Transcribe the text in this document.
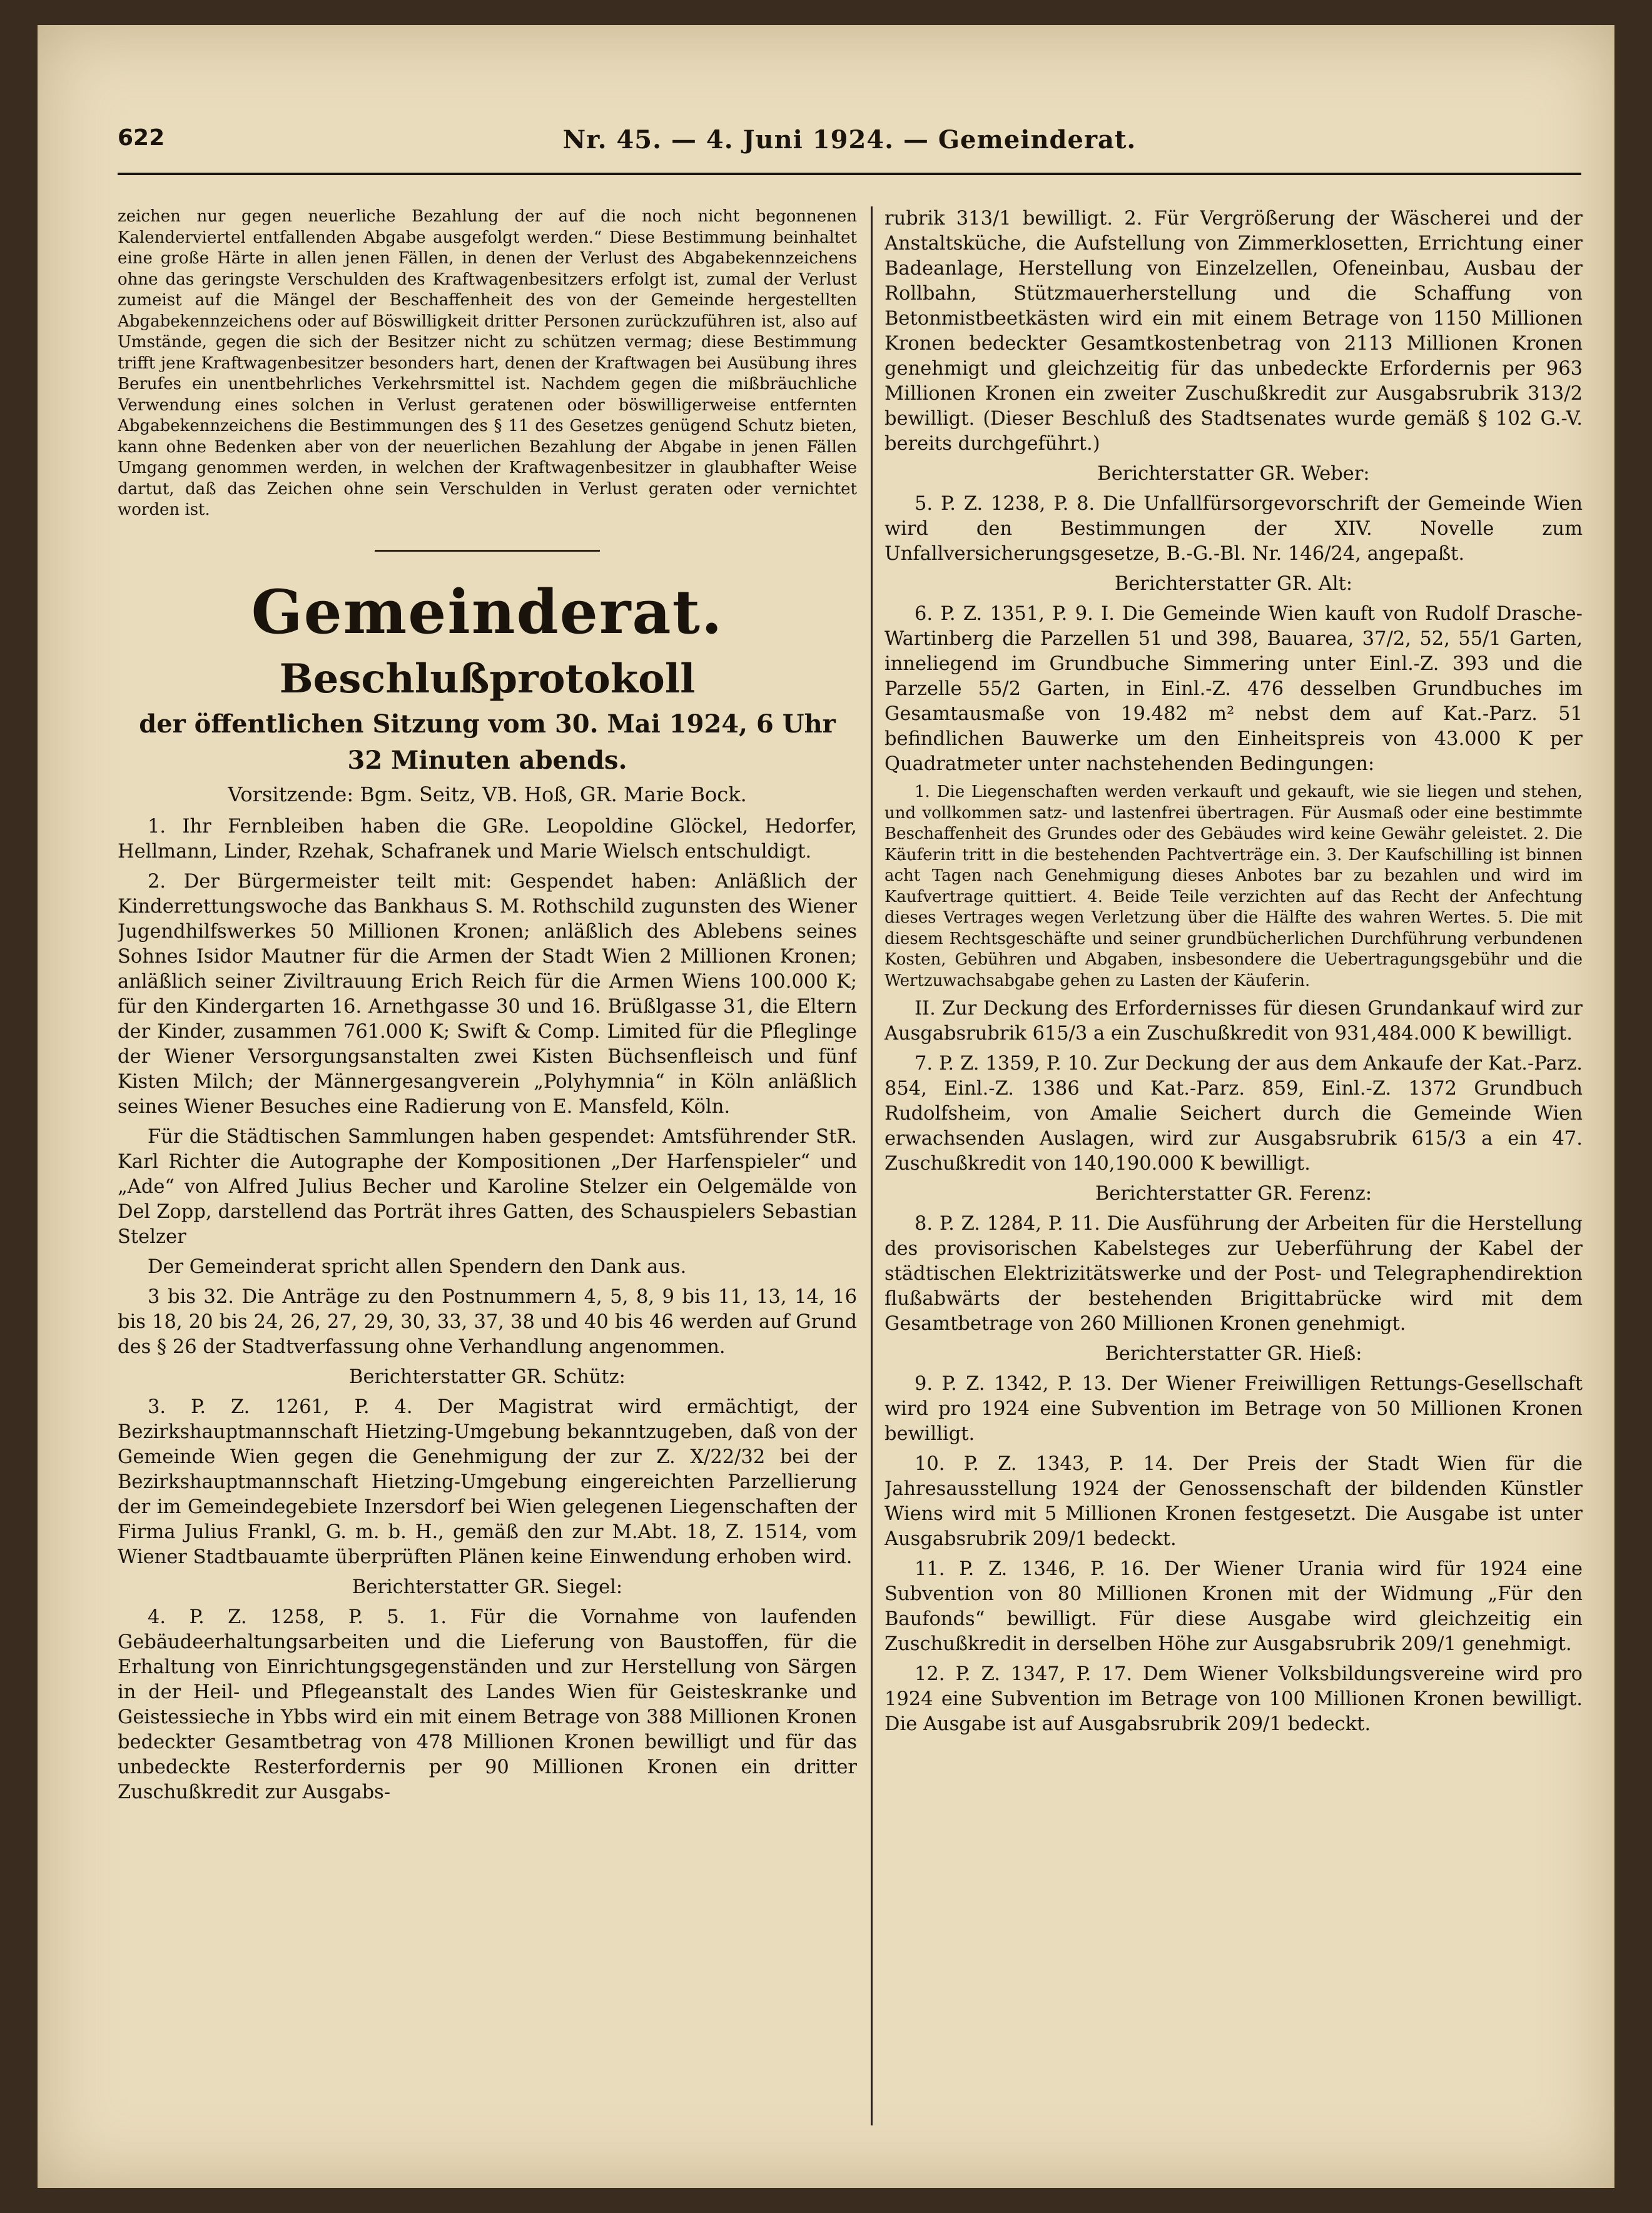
622	Nr. 45. — 4. Juni 1924. — Gemeinderat.

zeichen nur gegen neuerliche Bezahlung der auf die noch nicht begonnenen Kalenderviertel entfallenden Abgabe ausgefolgt werden.“ Diese Bestimmung beinhaltet eine große Härte in allen jenen Fällen, in denen der Verlust des Abgabekennzeichens ohne das geringste Verschulden des Kraftwagenbesitzers erfolgt ist, zumal der Verlust zumeist auf die Mängel der Beschaffenheit des von der Gemeinde hergestellten Abgabekennzeichens oder auf Böswilligkeit dritter Personen zurückzuführen ist, also auf Umstände, gegen die sich der Besitzer nicht zu schützen vermag; diese Bestimmung trifft jene Kraftwagenbesitzer besonders hart, denen der Kraftwagen bei Ausübung ihres Berufes ein unentbehrliches Verkehrsmittel ist. Nachdem gegen die mißbräuchliche Verwendung eines solchen in Verlust geratenen oder böswilligerweise entfernten Abgabekennzeichens die Bestimmungen des § 11 des Gesetzes genügend Schutz bieten, kann ohne Bedenken aber von der neuerlichen Bezahlung der Abgabe in jenen Fällen Umgang genommen werden, in welchen der Kraftwagenbesitzer in glaubhafter Weise dartut, daß das Zeichen ohne sein Verschulden in Verlust geraten oder vernichtet worden ist.

Gemeinderat.
Beschlußprotokoll
der öffentlichen Sitzung vom 30. Mai 1924, 6 Uhr
32 Minuten abends.
Vorsitzende: Bgm. Seitz, VB. Hoß, GR. Marie Bock.

1. Ihr Fernbleiben haben die GRe. Leopoldine Glöckel, Hedorfer, Hellmann, Linder, Rzehak, Schafranek und Marie Wielsch entschuldigt.

2. Der Bürgermeister teilt mit: Gespendet haben: Anläßlich der Kinderrettungswoche das Bankhaus S. M. Rothschild zugunsten des Wiener Jugendhilfswerkes 50 Millionen Kronen; anläßlich des Ablebens seines Sohnes Isidor Mautner für die Armen der Stadt Wien 2 Millionen Kronen; anläßlich seiner Ziviltrauung Erich Reich für die Armen Wiens 100.000 K; für den Kindergarten 16. Arnethgasse 30 und 16. Brüßlgasse 31, die Eltern der Kinder, zusammen 761.000 K; Swift & Comp. Limited für die Pfleglinge der Wiener Versorgungsanstalten zwei Kisten Büchsenfleisch und fünf Kisten Milch; der Männergesangverein „Polyhymnia“ in Köln anläßlich seines Wiener Besuches eine Radierung von E. Mansfeld, Köln.

Für die Städtischen Sammlungen haben gespendet: Amtsführender StR. Karl Richter die Autographe der Kompositionen „Der Harfenspieler“ und „Ade“ von Alfred Julius Becher und Karoline Stelzer ein Oelgemälde von Del Zopp, darstellend das Porträt ihres Gatten, des Schauspielers Sebastian Stelzer

Der Gemeinderat spricht allen Spendern den Dank aus.

3 bis 32. Die Anträge zu den Postnummern 4, 5, 8, 9 bis 11, 13, 14, 16 bis 18, 20 bis 24, 26, 27, 29, 30, 33, 37, 38 und 40 bis 46 werden auf Grund des § 26 der Stadtverfassung ohne Verhandlung angenommen.

Berichterstatter GR. Schütz:

3. P. Z. 1261, P. 4. Der Magistrat wird ermächtigt, der Bezirkshauptmannschaft Hietzing-Umgebung bekanntzugeben, daß von der Gemeinde Wien gegen die Genehmigung der zur Z. X/22/32 bei der Bezirkshauptmannschaft Hietzing-Umgebung eingereichten Parzellierung der im Gemeindegebiete Inzersdorf bei Wien gelegenen Liegenschaften der Firma Julius Frankl, G. m. b. H., gemäß den zur M.Abt. 18, Z. 1514, vom Wiener Stadtbauamte überprüften Plänen keine Einwendung erhoben wird.

Berichterstatter GR. Siegel:

4. P. Z. 1258, P. 5. 1. Für die Vornahme von laufenden Gebäudeerhaltungsarbeiten und die Lieferung von Baustoffen, für die Erhaltung von Einrichtungsgegenständen und zur Herstellung von Särgen in der Heil- und Pflegeanstalt des Landes Wien für Geisteskranke und Geistessieche in Ybbs wird ein mit einem Betrage von 388 Millionen Kronen bedeckter Gesamtbetrag von 478 Millionen Kronen bewilligt und für das unbedeckte Resterfordernis per 90 Millionen Kronen ein dritter Zuschußkredit zur Ausgabs-

rubrik 313/1 bewilligt. 2. Für Vergrößerung der Wäscherei und der Anstaltsküche, die Aufstellung von Zimmerklosetten, Errichtung einer Badeanlage, Herstellung von Einzelzellen, Ofeneinbau, Ausbau der Rollbahn, Stützmauerherstellung und die Schaffung von Betonmistbeetkästen wird ein mit einem Betrage von 1150 Millionen Kronen bedeckter Gesamtkostenbetrag von 2113 Millionen Kronen genehmigt und gleichzeitig für das unbedeckte Erfordernis per 963 Millionen Kronen ein zweiter Zuschußkredit zur Ausgabsrubrik 313/2 bewilligt. (Dieser Beschluß des Stadtsenates wurde gemäß § 102 G.-V. bereits durchgeführt.)

Berichterstatter GR. Weber:

5. P. Z. 1238, P. 8. Die Unfallfürsorgevorschrift der Gemeinde Wien wird den Bestimmungen der XIV. Novelle zum Unfallversicherungsgesetze, B.-G.-Bl. Nr. 146/24, angepaßt.

Berichterstatter GR. Alt:

6. P. Z. 1351, P. 9. I. Die Gemeinde Wien kauft von Rudolf Drasche-Wartinberg die Parzellen 51 und 398, Bauarea, 37/2, 52, 55/1 Garten, inneliegend im Grundbuche Simmering unter Einl.-Z. 393 und die Parzelle 55/2 Garten, in Einl.-Z. 476 desselben Grundbuches im Gesamtausmaße von 19.482 m² nebst dem auf Kat.-Parz. 51 befindlichen Bauwerke um den Einheitspreis von 43.000 K per Quadratmeter unter nachstehenden Bedingungen:

1. Die Liegenschaften werden verkauft und gekauft, wie sie liegen und stehen, und vollkommen satz- und lastenfrei übertragen. Für Ausmaß oder eine bestimmte Beschaffenheit des Grundes oder des Gebäudes wird keine Gewähr geleistet. 2. Die Käuferin tritt in die bestehenden Pachtverträge ein. 3. Der Kaufschilling ist binnen acht Tagen nach Genehmigung dieses Anbotes bar zu bezahlen und wird im Kaufvertrage quittiert. 4. Beide Teile verzichten auf das Recht der Anfechtung dieses Vertrages wegen Verletzung über die Hälfte des wahren Wertes. 5. Die mit diesem Rechtsgeschäfte und seiner grundbücherlichen Durchführung verbundenen Kosten, Gebühren und Abgaben, insbesondere die Uebertragungsgebühr und die Wertzuwachsabgabe gehen zu Lasten der Käuferin.

II. Zur Deckung des Erfordernisses für diesen Grundankauf wird zur Ausgabsrubrik 615/3 a ein Zuschußkredit von 931,484.000 K bewilligt.

7. P. Z. 1359, P. 10. Zur Deckung der aus dem Ankaufe der Kat.-Parz. 854, Einl.-Z. 1386 und Kat.-Parz. 859, Einl.-Z. 1372 Grundbuch Rudolfsheim, von Amalie Seichert durch die Gemeinde Wien erwachsenden Auslagen, wird zur Ausgabsrubrik 615/3 a ein 47. Zuschußkredit von 140,190.000 K bewilligt.

Berichterstatter GR. Ferenz:

8. P. Z. 1284, P. 11. Die Ausführung der Arbeiten für die Herstellung des provisorischen Kabelsteges zur Ueberführung der Kabel der städtischen Elektrizitätswerke und der Post- und Telegraphendirektion flußabwärts der bestehenden Brigittabrücke wird mit dem Gesamtbetrage von 260 Millionen Kronen genehmigt.

Berichterstatter GR. Hieß:

9. P. Z. 1342, P. 13. Der Wiener Freiwilligen Rettungs-Gesellschaft wird pro 1924 eine Subvention im Betrage von 50 Millionen Kronen bewilligt.

10. P. Z. 1343, P. 14. Der Preis der Stadt Wien für die Jahresausstellung 1924 der Genossenschaft der bildenden Künstler Wiens wird mit 5 Millionen Kronen festgesetzt. Die Ausgabe ist unter Ausgabsrubrik 209/1 bedeckt.

11. P. Z. 1346, P. 16. Der Wiener Urania wird für 1924 eine Subvention von 80 Millionen Kronen mit der Widmung „Für den Baufonds“ bewilligt. Für diese Ausgabe wird gleichzeitig ein Zuschußkredit in derselben Höhe zur Ausgabsrubrik 209/1 genehmigt.

12. P. Z. 1347, P. 17. Dem Wiener Volksbildungsvereine wird pro 1924 eine Subvention im Betrage von 100 Millionen Kronen bewilligt. Die Ausgabe ist auf Ausgabsrubrik 209/1 bedeckt.
